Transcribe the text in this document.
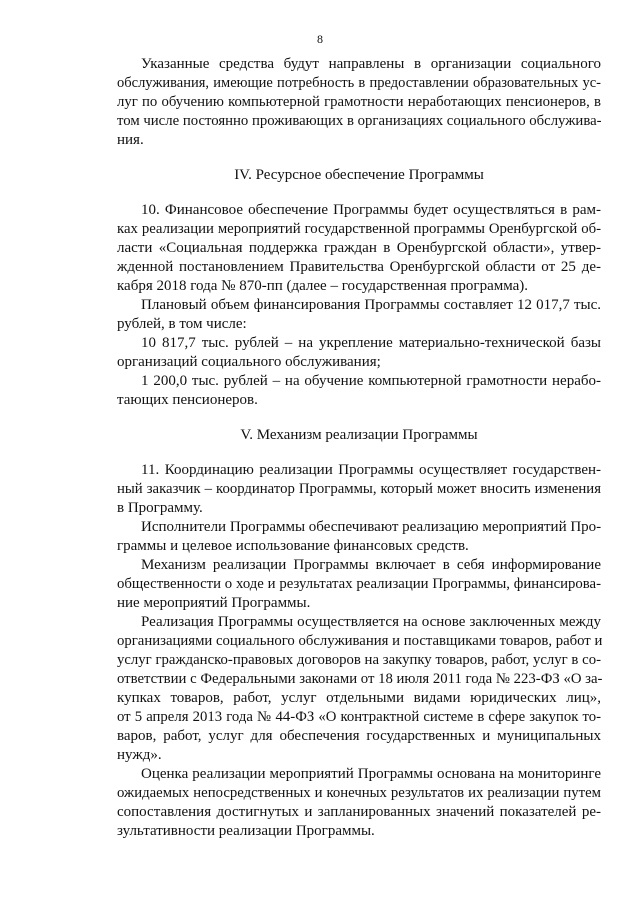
8
Указанные средства будут направлены в организации социального
обслуживания, имеющие потребность в предоставлении образовательных ус-
луг по обучению компьютерной грамотности неработающих пенсионеров, в
том числе постоянно проживающих в организациях социального обслужива-
ния.
IV. Ресурсное обеспечение Программы
10. Финансовое обеспечение Программы будет осуществляться в рам-
ках реализации мероприятий государственной программы Оренбургской об-
ласти «Социальная поддержка граждан в Оренбургской области», утвер-
жденной постановлением Правительства Оренбургской области от 25 де-
кабря 2018 года № 870-пп (далее – государственная программа).
Плановый объем финансирования Программы составляет 12 017,7 тыс.
рублей, в том числе:
10 817,7 тыс. рублей – на укрепление материально-технической базы
организаций социального обслуживания;
1 200,0 тыс. рублей – на обучение компьютерной грамотности нерабо-
тающих пенсионеров.
V. Механизм реализации Программы
11. Координацию реализации Программы осуществляет государствен-
ный заказчик – координатор Программы, который может вносить изменения
в Программу.
Исполнители Программы обеспечивают реализацию мероприятий Про-
граммы и целевое использование финансовых средств.
Механизм реализации Программы включает в себя информирование
общественности о ходе и результатах реализации Программы, финансирова-
ние мероприятий Программы.
Реализация Программы осуществляется на основе заключенных между
организациями социального обслуживания и поставщиками товаров, работ и
услуг гражданско-правовых договоров на закупку товаров, работ, услуг в со-
ответствии с Федеральными законами от 18 июля 2011 года № 223-ФЗ «О за-
купках товаров, работ, услуг отдельными видами юридических лиц»,
от 5 апреля 2013 года № 44-ФЗ «О контрактной системе в сфере закупок то-
варов, работ, услуг для обеспечения государственных и муниципальных
нужд».
Оценка реализации мероприятий Программы основана на мониторинге
ожидаемых непосредственных и конечных результатов их реализации путем
сопоставления достигнутых и запланированных значений показателей ре-
зультативности реализации Программы.
